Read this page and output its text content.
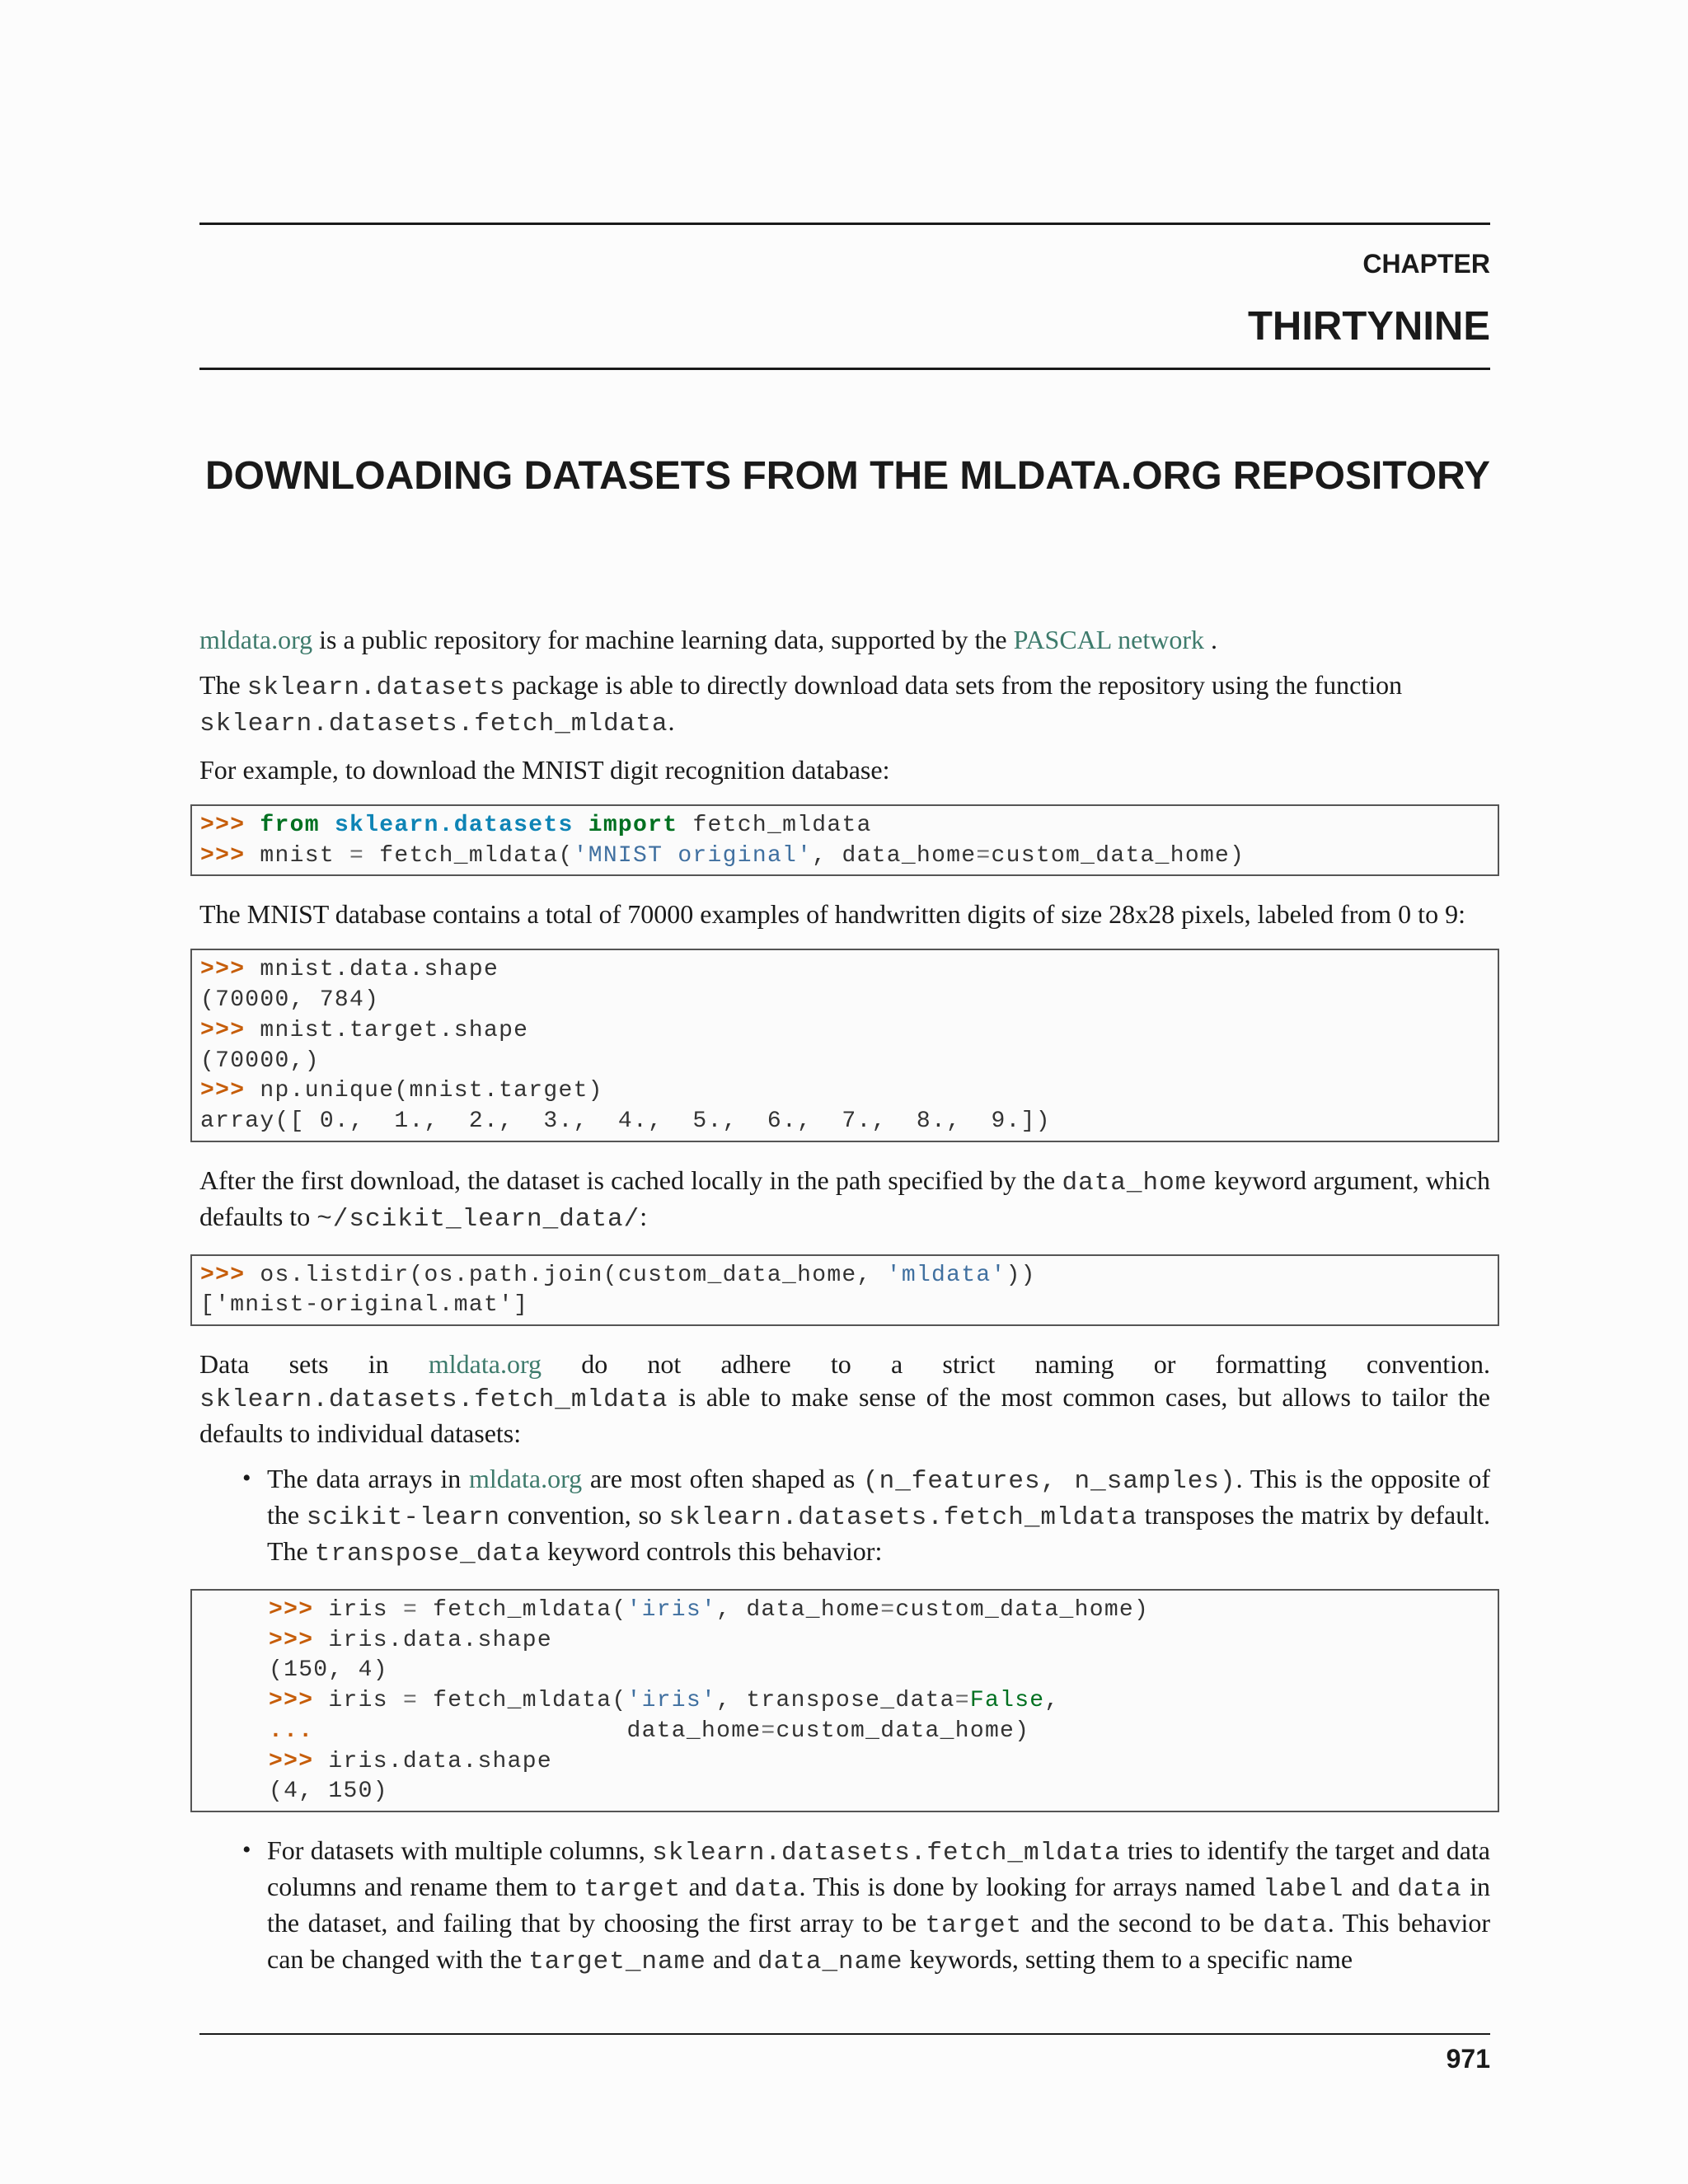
CHAPTER
THIRTYNINE
DOWNLOADING DATASETS FROM THE MLDATA.ORG REPOSITORY

mldata.org is a public repository for machine learning data, supported by the PASCAL network .

The sklearn.datasets package is able to directly download data sets from the repository using the function
sklearn.datasets.fetch_mldata.

For example, to download the MNIST digit recognition database:

>>> from sklearn.datasets import fetch_mldata
>>> mnist = fetch_mldata('MNIST original', data_home=custom_data_home)

The MNIST database contains a total of 70000 examples of handwritten digits of size 28x28 pixels, labeled from 0 to 9:

>>> mnist.data.shape
(70000, 784)
>>> mnist.target.shape
(70000,)
>>> np.unique(mnist.target)
array([ 0.,  1.,  2.,  3.,  4.,  5.,  6.,  7.,  8.,  9.])

After the first download, the dataset is cached locally in the path specified by the data_home keyword argument, which defaults to ~/scikit_learn_data/:

>>> os.listdir(os.path.join(custom_data_home, 'mldata'))
['mnist-original.mat']

Data sets in mldata.org do not adhere to a strict naming or formatting convention.
sklearn.datasets.fetch_mldata is able to make sense of the most common cases, but allows to tailor the defaults to individual datasets:

• The data arrays in mldata.org are most often shaped as (n_features, n_samples). This is the opposite of the scikit-learn convention, so sklearn.datasets.fetch_mldata transposes the matrix by default. The transpose_data keyword controls this behavior:

>>> iris = fetch_mldata('iris', data_home=custom_data_home)
>>> iris.data.shape
(150, 4)
>>> iris = fetch_mldata('iris', transpose_data=False,
...                     data_home=custom_data_home)
>>> iris.data.shape
(4, 150)
• For datasets with multiple columns, sklearn.datasets.fetch_mldata tries to identify the target and data columns and rename them to target and data. This is done by looking for arrays named label and data in the dataset, and failing that by choosing the first array to be target and the second to be data. This behavior can be changed with the target_name and data_name keywords, setting them to a specific name

971
